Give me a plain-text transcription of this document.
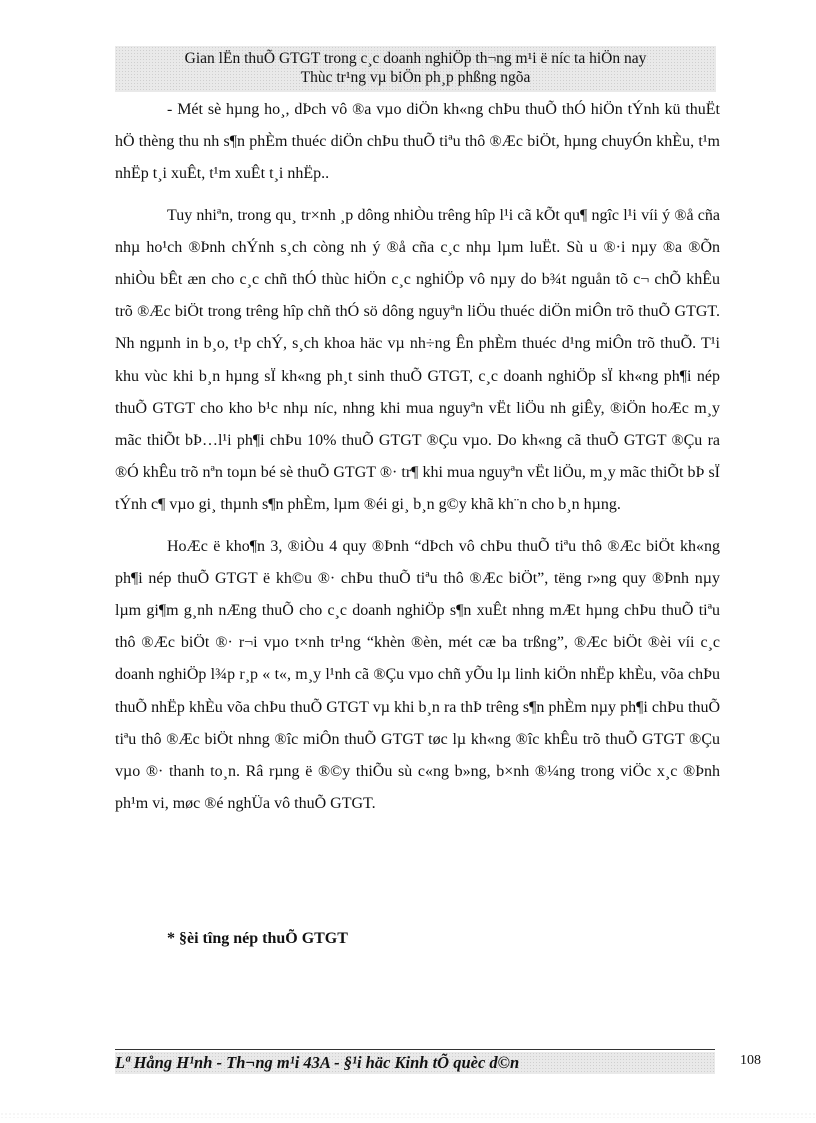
Gian lËn thuÕ GTGT trong c¸c doanh nghiÖp th¬ng m¹i ë níc ta hiÖn nay
Thùc tr¹ng vµ biÖn ph¸p phßng ngõa

- Mét sè hµng ho¸, dÞch vô ®a vµo diÖn kh«ng chÞu thuÕ thÓ hiÖn tÝnh kü thuËt hÖ thèng thu nh s¶n phÈm thuéc diÖn chÞu thuÕ tiªu thô ®Æc biÖt, hµng chuyÓn khÈu, t¹m nhËp t¸i xuÊt, t¹m xuÊt t¸i nhËp..

Tuy nhiªn, trong qu¸ tr×nh ¸p dông nhiÒu trêng hîp l¹i cã kÕt qu¶ ngîc l¹i víi ý ®å cña nhµ ho¹ch ®Þnh chÝnh s¸ch còng nh ý ®å cña c¸c nhµ lµm luËt. Sù u ®·i nµy ®a ®Õn nhiÒu bÊt æn cho c¸c chñ thÓ thùc hiÖn c¸c nghiÖp vô nµy do b¾t nguån tõ c¬ chÕ khÊu trõ ®Æc biÖt trong trêng hîp chñ thÓ sö dông nguyªn liÖu thuéc diÖn miÔn trõ thuÕ GTGT. Nh ngµnh in b¸o, t¹p chÝ, s¸ch khoa häc vµ nh÷ng Ên phÈm thuéc d¹ng miÔn trõ thuÕ. T¹i khu vùc khi b¸n hµng sÏ kh«ng ph¸t sinh thuÕ GTGT, c¸c doanh nghiÖp sÏ kh«ng ph¶i nép thuÕ GTGT cho kho b¹c nhµ níc, nhng khi mua nguyªn vËt liÖu nh giÊy, ®iÖn hoÆc m¸y mãc thiÕt bÞ…l¹i ph¶i chÞu 10% thuÕ GTGT ®Çu vµo. Do kh«ng cã thuÕ GTGT ®Çu ra ®Ó khÊu trõ nªn toµn bé sè thuÕ GTGT ®· tr¶ khi mua nguyªn vËt liÖu, m¸y mãc thiÕt bÞ sÏ tÝnh c¶ vµo gi¸ thµnh s¶n phÈm, lµm ®éi gi¸ b¸n g©y khã kh¨n cho b¸n hµng.

HoÆc ë kho¶n 3, ®iÒu 4 quy ®Þnh “dÞch vô chÞu thuÕ tiªu thô ®Æc biÖt kh«ng ph¶i nép thuÕ GTGT ë kh©u ®· chÞu thuÕ tiªu thô ®Æc biÖt”, tëng r»ng quy ®Þnh nµy lµm gi¶m g¸nh nÆng thuÕ cho c¸c doanh nghiÖp s¶n xuÊt nhng mÆt hµng chÞu thuÕ tiªu thô ®Æc biÖt ®· r¬i vµo t×nh tr¹ng “khèn ®èn, mét cæ ba trßng”, ®Æc biÖt ®èi víi c¸c doanh nghiÖp l¾p r¸p « t«, m¸y l¹nh cã ®Çu vµo chñ yÕu lµ linh kiÖn nhËp khÈu, võa chÞu thuÕ nhËp khÈu võa chÞu thuÕ GTGT vµ khi b¸n ra thÞ trêng s¶n phÈm nµy ph¶i chÞu thuÕ tiªu thô ®Æc biÖt nhng ®îc miÔn thuÕ GTGT tøc lµ kh«ng ®îc khÊu trõ thuÕ GTGT ®Çu vµo ®· thanh to¸n. Râ rµng ë ®©y thiÕu sù c«ng b»ng, b×nh ®¼ng trong viÖc x¸c ®Þnh ph¹m vi, møc ®é nghÜa vô thuÕ GTGT.

* §èi tîng nép thuÕ GTGT
Lª Hång H¹nh - Th¬ng m¹i 43A - §¹i häc Kinh tÕ quèc d©n	108
